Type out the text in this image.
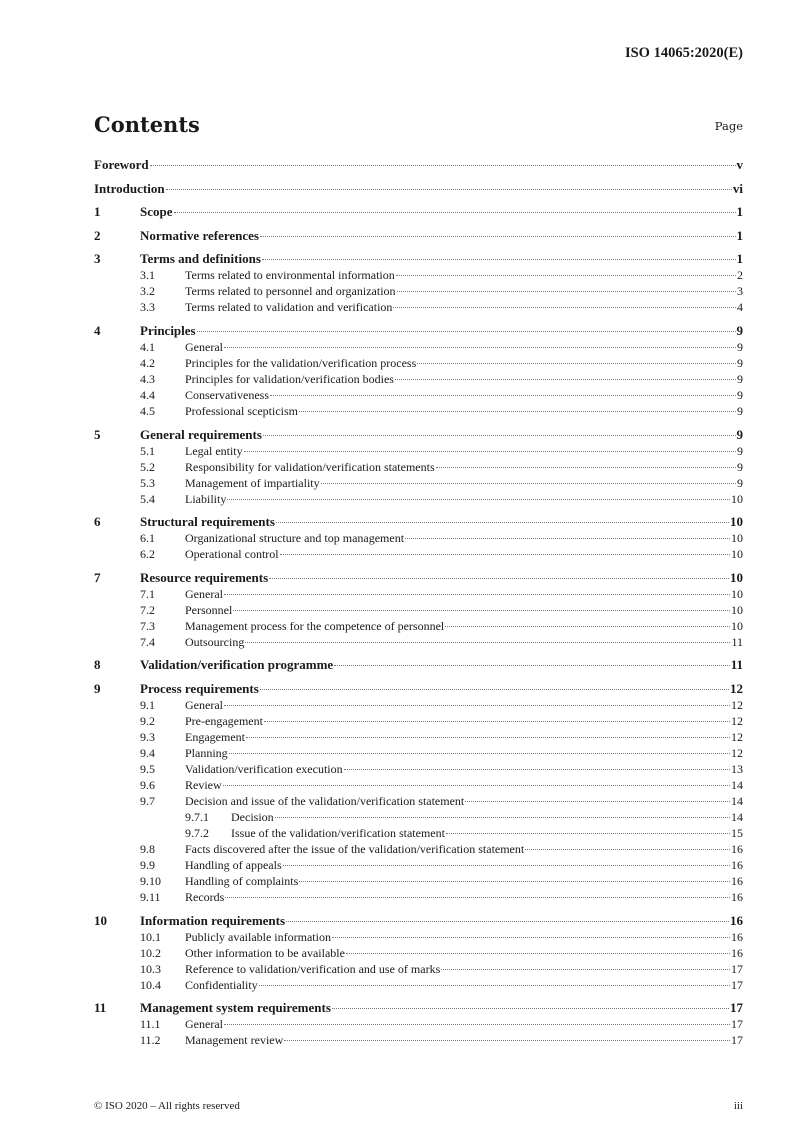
ISO 14065:2020(E)
Contents	Page
Foreword	v
Introduction	vi
1	Scope	1
2	Normative references	1
3	Terms and definitions	1
3.1	Terms related to environmental information	2
3.2	Terms related to personnel and organization	3
3.3	Terms related to validation and verification	4
4	Principles	9
4.1	General	9
4.2	Principles for the validation/verification process	9
4.3	Principles for validation/verification bodies	9
4.4	Conservativeness	9
4.5	Professional scepticism	9
5	General requirements	9
5.1	Legal entity	9
5.2	Responsibility for validation/verification statements	9
5.3	Management of impartiality	9
5.4	Liability	10
6	Structural requirements	10
6.1	Organizational structure and top management	10
6.2	Operational control	10
7	Resource requirements	10
7.1	General	10
7.2	Personnel	10
7.3	Management process for the competence of personnel	10
7.4	Outsourcing	11
8	Validation/verification programme	11
9	Process requirements	12
9.1	General	12
9.2	Pre-engagement	12
9.3	Engagement	12
9.4	Planning	12
9.5	Validation/verification execution	13
9.6	Review	14
9.7	Decision and issue of the validation/verification statement	14
9.7.1	Decision	14
9.7.2	Issue of the validation/verification statement	15
9.8	Facts discovered after the issue of the validation/verification statement	16
9.9	Handling of appeals	16
9.10	Handling of complaints	16
9.11	Records	16
10	Information requirements	16
10.1	Publicly available information	16
10.2	Other information to be available	16
10.3	Reference to validation/verification and use of marks	17
10.4	Confidentiality	17
11	Management system requirements	17
11.1	General	17
11.2	Management review	17
© ISO 2020 – All rights reserved	iii
